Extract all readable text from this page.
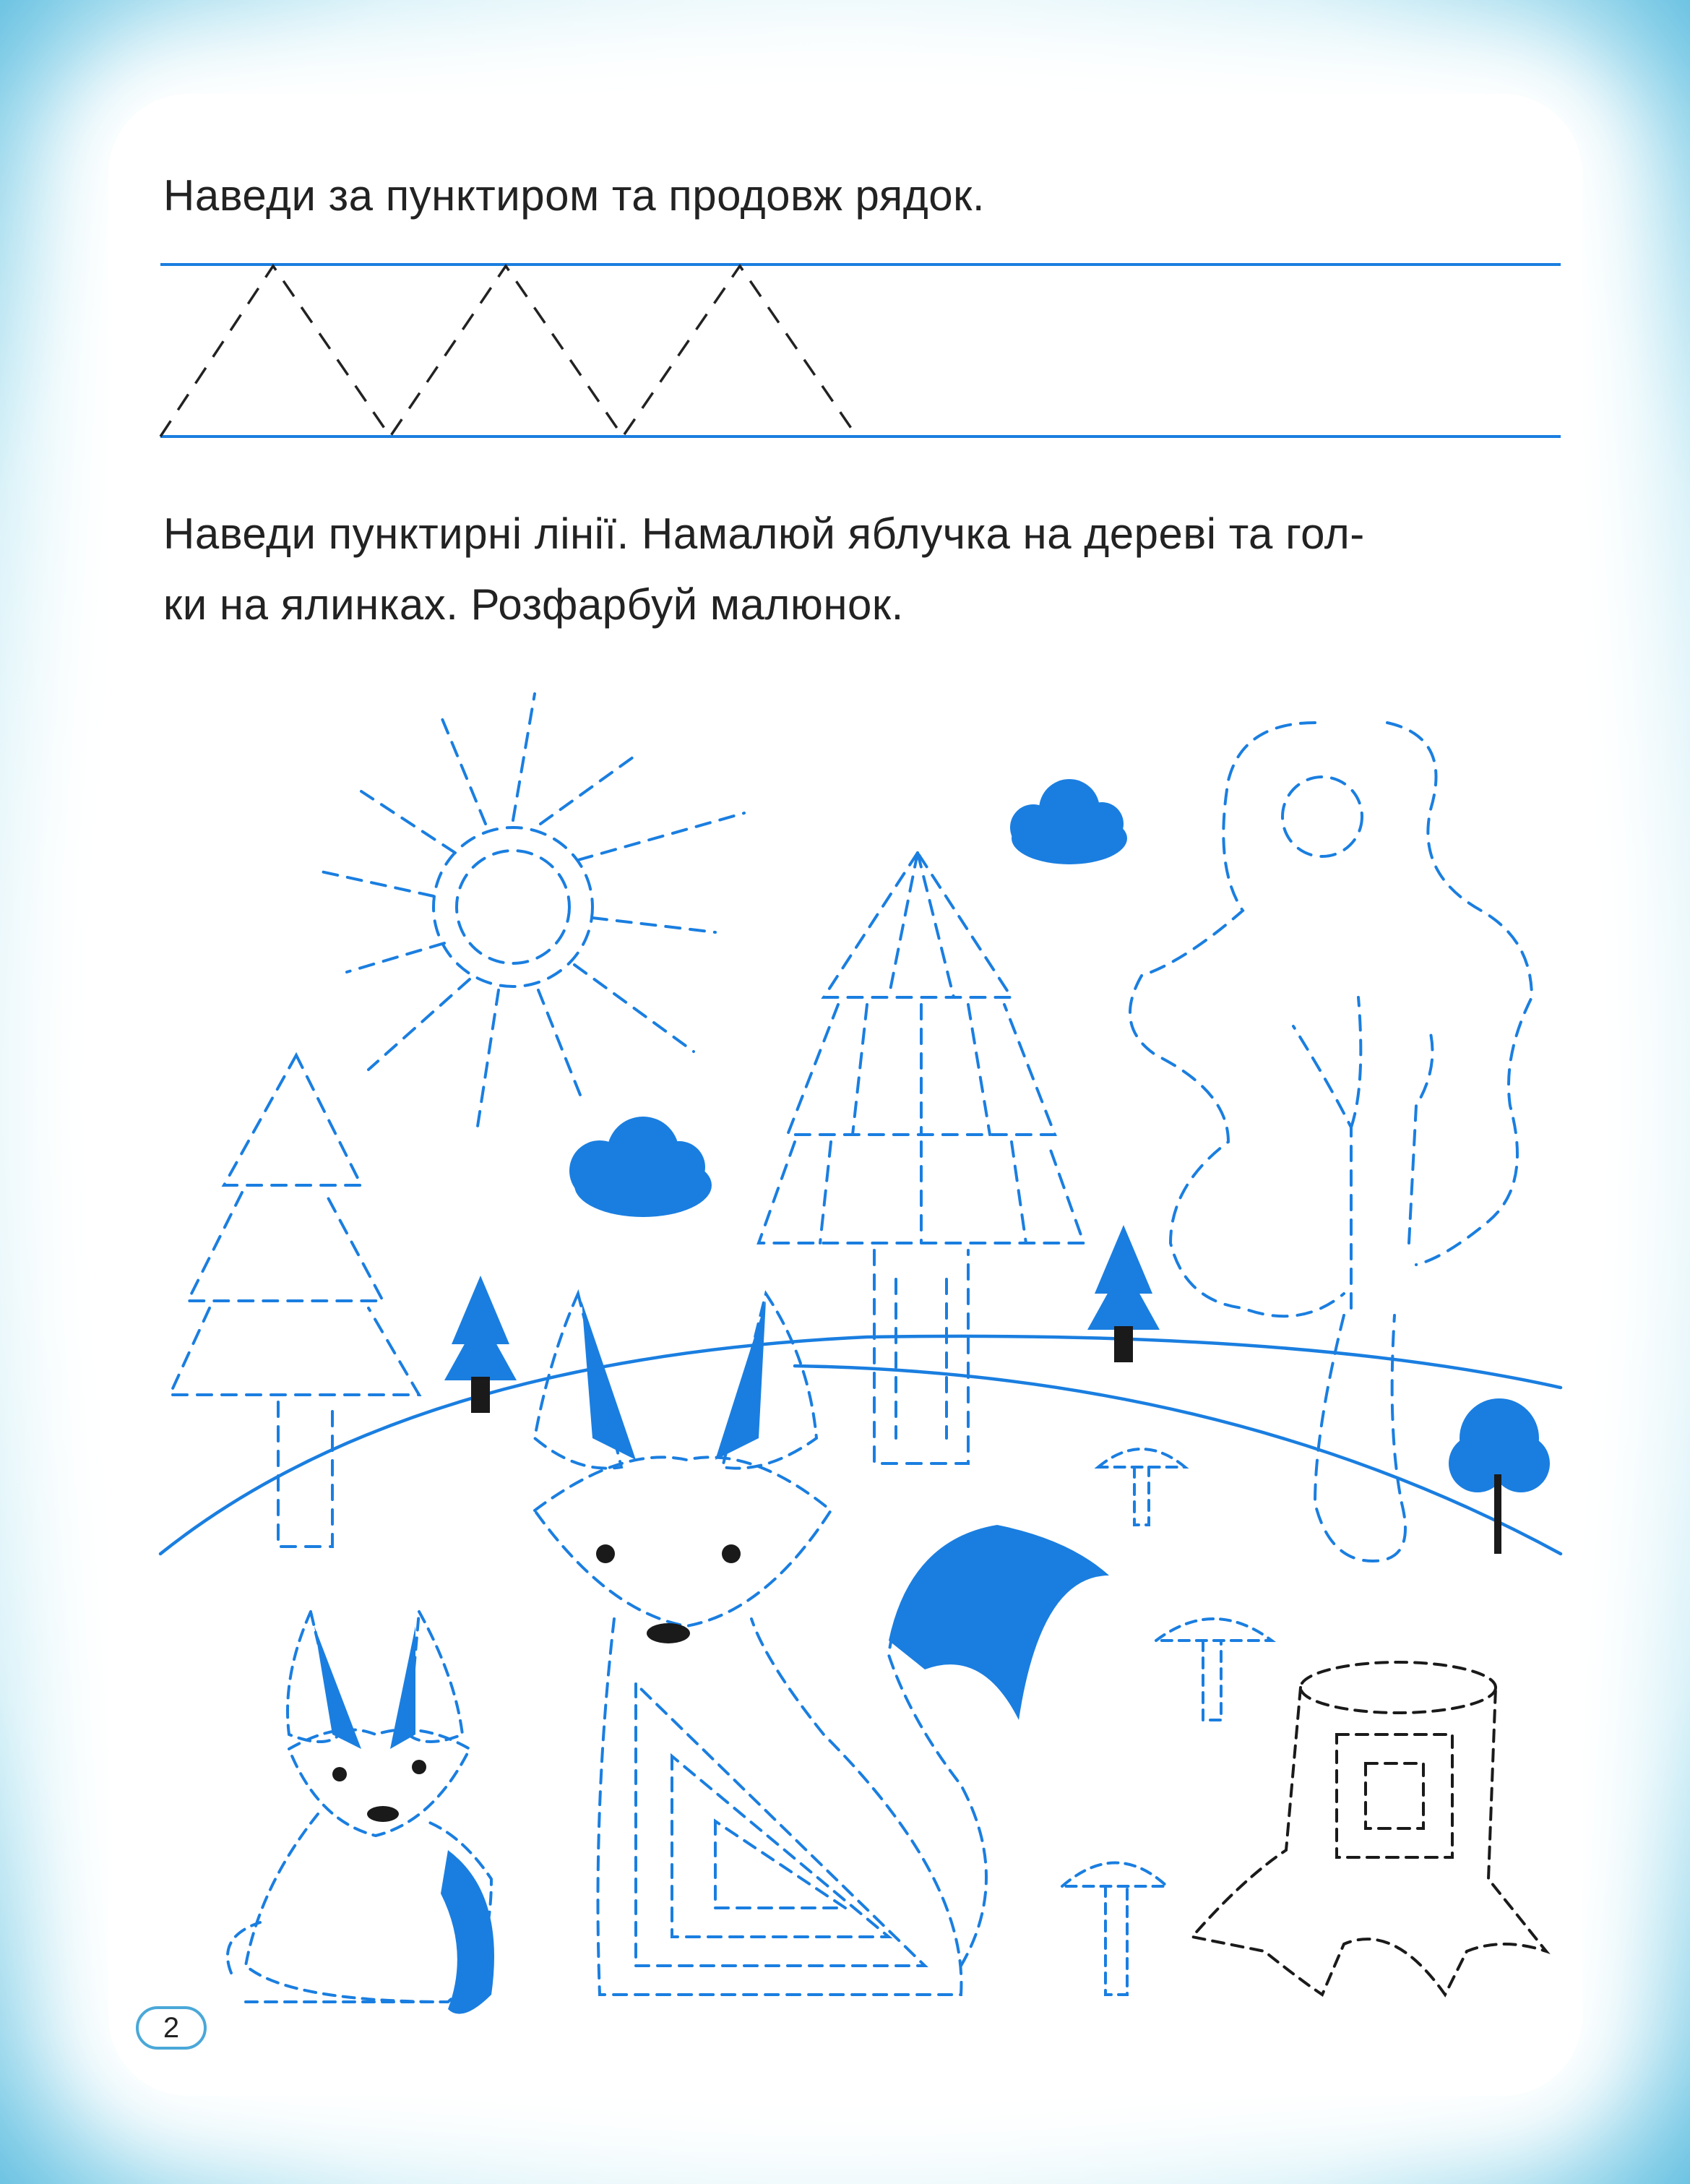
Наведи за пунктиром та продовж рядок.

Наведи пунктирні лінії. Намалюй яблучка на дереві та гол-
ки на ялинках. Розфарбуй малюнок.

2
